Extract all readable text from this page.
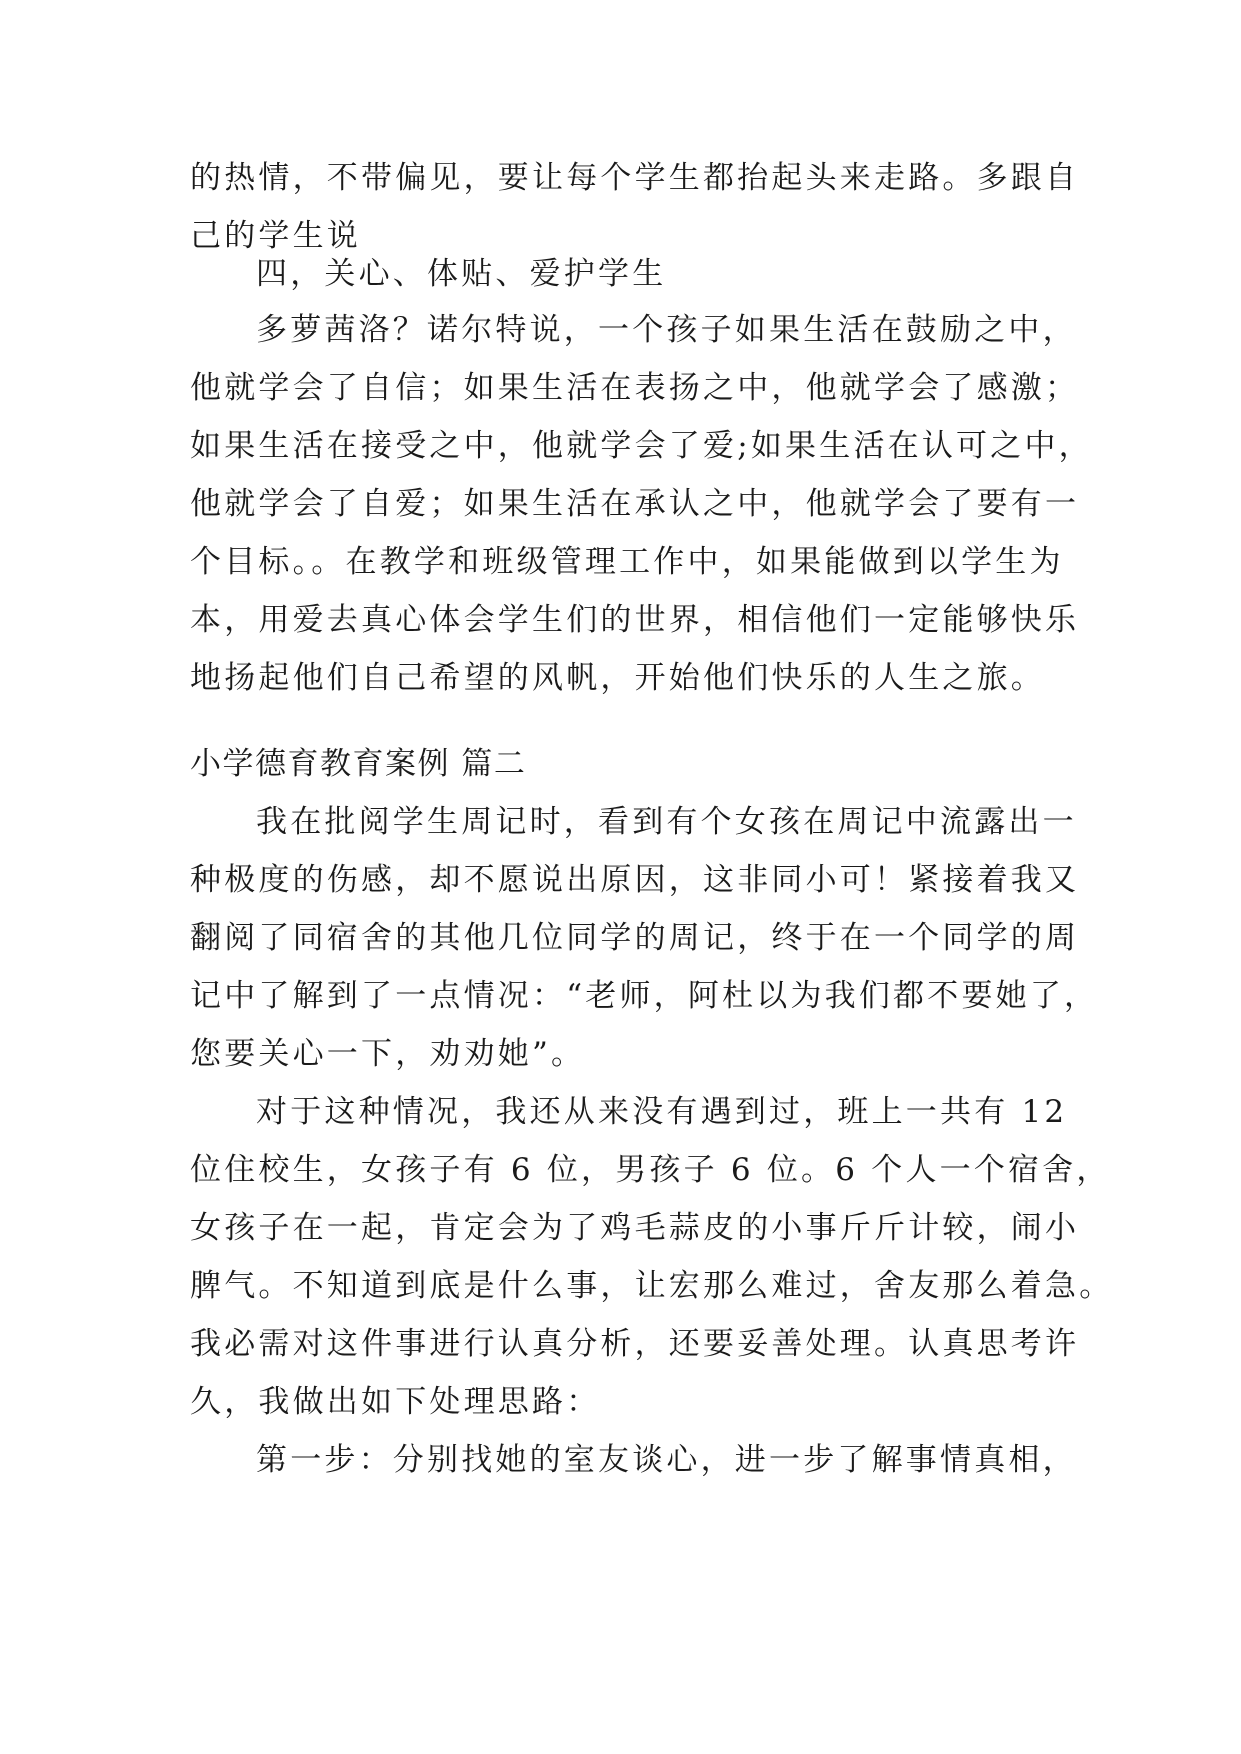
的热情，不带偏见，要让每个学生都抬起头来走路。多跟自
己的学生说
四，关心、体贴、爱护学生
多萝茜洛？诺尔特说，一个孩子如果生活在鼓励之中，
他就学会了自信；如果生活在表扬之中，他就学会了感激；
如果生活在接受之中，他就学会了爱;如果生活在认可之中，
他就学会了自爱；如果生活在承认之中，他就学会了要有一
个目标。。在教学和班级管理工作中，如果能做到以学生为
本，用爱去真心体会学生们的世界，相信他们一定能够快乐
地扬起他们自己希望的风帆，开始他们快乐的人生之旅。
小学德育教育案例 篇二
我在批阅学生周记时，看到有个女孩在周记中流露出一
种极度的伤感，却不愿说出原因，这非同小可！紧接着我又
翻阅了同宿舍的其他几位同学的周记，终于在一个同学的周
记中了解到了一点情况：“老师，阿杜以为我们都不要她了，
您要关心一下，劝劝她”。
对于这种情况，我还从来没有遇到过，班上一共有 12
位住校生，女孩子有 6 位，男孩子 6 位。6 个人一个宿舍，
女孩子在一起，肯定会为了鸡毛蒜皮的小事斤斤计较，闹小
脾气。不知道到底是什么事，让宏那么难过，舍友那么着急。
我必需对这件事进行认真分析，还要妥善处理。认真思考许
久，我做出如下处理思路：
第一步：分别找她的室友谈心，进一步了解事情真相，
